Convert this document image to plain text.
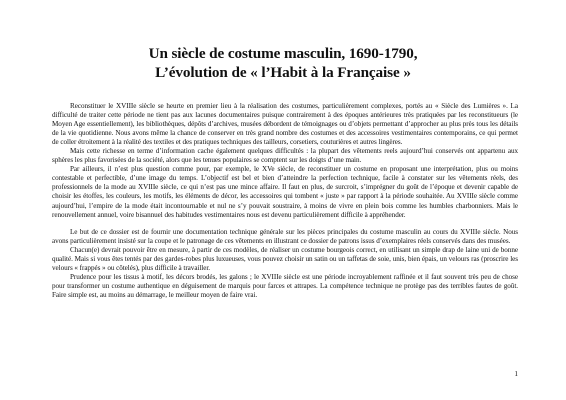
Un siècle de costume masculin, 1690-1790,
L’évolution de « l’Habit à la Française »

Reconstituer le XVIIIe siècle se heurte en premier lieu à la réalisation des costumes, particulièrement complexes, portés au « Siècle des Lumières ». La difficulté de traiter cette période ne tient pas aux lacunes documentaires puisque contrairement à des époques antérieures très pratiquées par les reconstitueurs (le Moyen Age essentiellement), les bibliothèques, dépôts d’archives, musées débordent de témoignages ou d’objets permettant d’approcher au plus près tous les détails de la vie quotidienne. Nous avons même la chance de conserver en très grand nombre des costumes et des accessoires vestimentaires contemporains, ce qui permet de coller étroitement à la réalité des textiles et des pratiques techniques des tailleurs, corsetiers, couturières et autres lingères.

Mais cette richesse en terme d’information cache également quelques difficultés : la plupart des vêtements reels aujourd’hui conservés ont appartenu aux sphères les plus favorisées de la société, alors que les tenues populaires se comptent sur les doigts d’une main.

Par ailleurs, il n’est plus question comme pour, par exemple, le XVe siècle, de reconstituer un costume en proposant une interprétation, plus ou moins contestable et perfectible, d’une image du temps. L’objectif est bel et bien d’atteindre la perfection technique, facile à constater sur les vêtements réels, des professionnels de la mode au XVIIIe siècle, ce qui n’est pas une mince affaire. Il faut en plus, de surcroit, s’imprégner du goût de l’époque et devenir capable de choisir les étoffes, les couleurs, les motifs, les éléments de décor, les accessoires qui tombent « juste » par rapport à la période souhaitée. Au XVIIIe siècle comme aujourd’hui, l’empire de la mode était incontournable et nul ne s’y pouvait soustraire, à moins de vivre en plein bois comme les humbles charbonniers. Mais le renouvellement annuel, voire bisannuel des habitudes vestimentaires nous est devenu particulièrement difficile à appréhender.

Le but de ce dossier est de fournir une documentation technique générale sur les pièces principales du costume masculin au cours du XVIIIe siècle. Nous avons particulièrement insisté sur la coupe et le patronage de ces vêtements en illustrant ce dossier de patrons issus d’exemplaires réels conservés dans des musées.

Chacun(e) devrait pouvoir être en mesure, à partir de ces modèles, de réaliser un costume bourgeois correct, en utilisant un simple drap de laine uni de bonne qualité. Mais si vous êtes tentés par des gardes-robes plus luxueuses, vous pouvez choisir un satin ou un taffetas de soie, unis, bien épais, un velours ras (proscrire les velours « frappés » ou côtelés), plus difficile à travailler.

Prudence pour les tissus à motif, les décors brodés, les galons ; le XVIIIe siècle est une période incroyablement raffinée et il faut souvent très peu de chose pour transformer un costume authentique en déguisement de marquis pour farces et attrapes. La compétence technique ne protège pas des terribles fautes de goût. Faire simple est, au moins au démarrage, le meilleur moyen de faire vrai.

1
